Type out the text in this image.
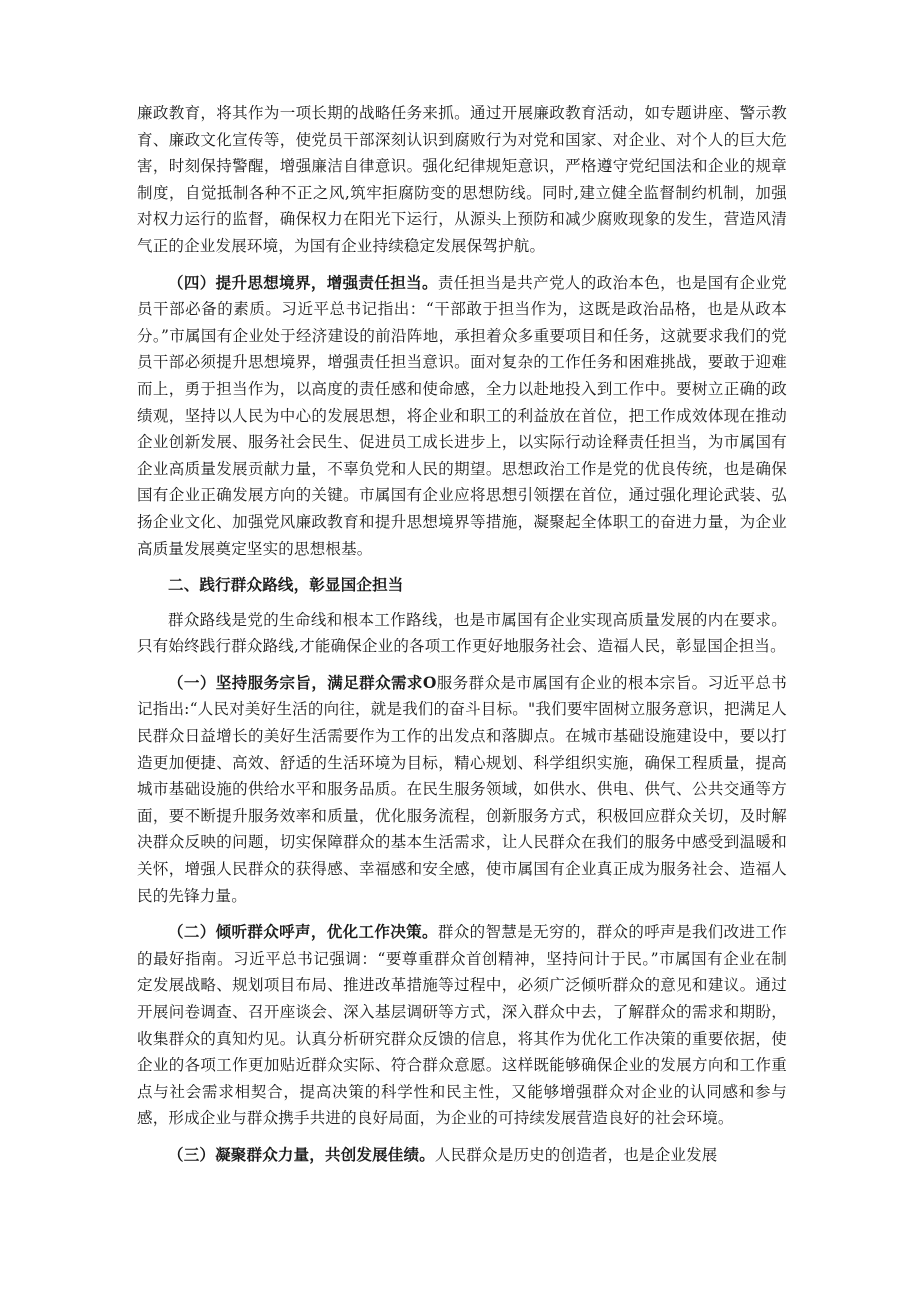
廉政教育，将其作为一项长期的战略任务来抓。通过开展廉政教育活动，如专题讲座、警示教育、廉政文化宣传等，使党员干部深刻认识到腐败行为对党和国家、对企业、对个人的巨大危害，时刻保持警醒，增强廉洁自律意识。强化纪律规矩意识，严格遵守党纪国法和企业的规章制度，自觉抵制各种不正之风,筑牢拒腐防变的思想防线。同时,建立健全监督制约机制，加强对权力运行的监督，确保权力在阳光下运行，从源头上预防和减少腐败现象的发生，营造风清气正的企业发展环境，为国有企业持续稳定发展保驾护航。

（四）提升思想境界，增强责任担当。责任担当是共产党人的政治本色，也是国有企业党员干部必备的素质。习近平总书记指出：“干部敢于担当作为，这既是政治品格，也是从政本分。”市属国有企业处于经济建设的前沿阵地，承担着众多重要项目和任务，这就要求我们的党员干部必须提升思想境界，增强责任担当意识。面对复杂的工作任务和困难挑战，要敢于迎难而上，勇于担当作为，以高度的责任感和使命感，全力以赴地投入到工作中。要树立正确的政绩观，坚持以人民为中心的发展思想，将企业和职工的利益放在首位，把工作成效体现在推动企业创新发展、服务社会民生、促进员工成长进步上，以实际行动诠释责任担当，为市属国有企业高质量发展贡献力量，不辜负党和人民的期望。思想政治工作是党的优良传统，也是确保国有企业正确发展方向的关键。市属国有企业应将思想引领摆在首位，通过强化理论武装、弘扬企业文化、加强党风廉政教育和提升思想境界等措施，凝聚起全体职工的奋进力量，为企业高质量发展奠定坚实的思想根基。

二、践行群众路线，彰显国企担当

群众路线是党的生命线和根本工作路线，也是市属国有企业实现高质量发展的内在要求。只有始终践行群众路线,才能确保企业的各项工作更好地服务社会、造福人民，彰显国企担当。

（一）坚持服务宗旨，满足群众需求O服务群众是市属国有企业的根本宗旨。习近平总书记指出:“人民对美好生活的向往，就是我们的奋斗目标。"我们要牢固树立服务意识，把满足人民群众日益增长的美好生活需要作为工作的出发点和落脚点。在城市基础设施建设中，要以打造更加便捷、高效、舒适的生活环境为目标，精心规划、科学组织实施，确保工程质量，提高城市基础设施的供给水平和服务品质。在民生服务领域，如供水、供电、供气、公共交通等方面，要不断提升服务效率和质量，优化服务流程，创新服务方式，积极回应群众关切，及时解决群众反映的问题，切实保障群众的基本生活需求，让人民群众在我们的服务中感受到温暖和关怀，增强人民群众的获得感、幸福感和安全感，使市属国有企业真正成为服务社会、造福人民的先锋力量。

（二）倾听群众呼声，优化工作决策。群众的智慧是无穷的，群众的呼声是我们改进工作的最好指南。习近平总书记强调：“要尊重群众首创精神，坚持问计于民。”市属国有企业在制定发展战略、规划项目布局、推进改革措施等过程中，必须广泛倾听群众的意见和建议。通过开展问卷调查、召开座谈会、深入基层调研等方式，深入群众中去，了解群众的需求和期盼，收集群众的真知灼见。认真分析研究群众反馈的信息，将其作为优化工作决策的重要依据，使企业的各项工作更加贴近群众实际、符合群众意愿。这样既能够确保企业的发展方向和工作重点与社会需求相契合，提高决策的科学性和民主性，又能够增强群众对企业的认同感和参与感，形成企业与群众携手共进的良好局面，为企业的可持续发展营造良好的社会环境。

（三）凝聚群众力量，共创发展佳绩。人民群众是历史的创造者，也是企业发展
